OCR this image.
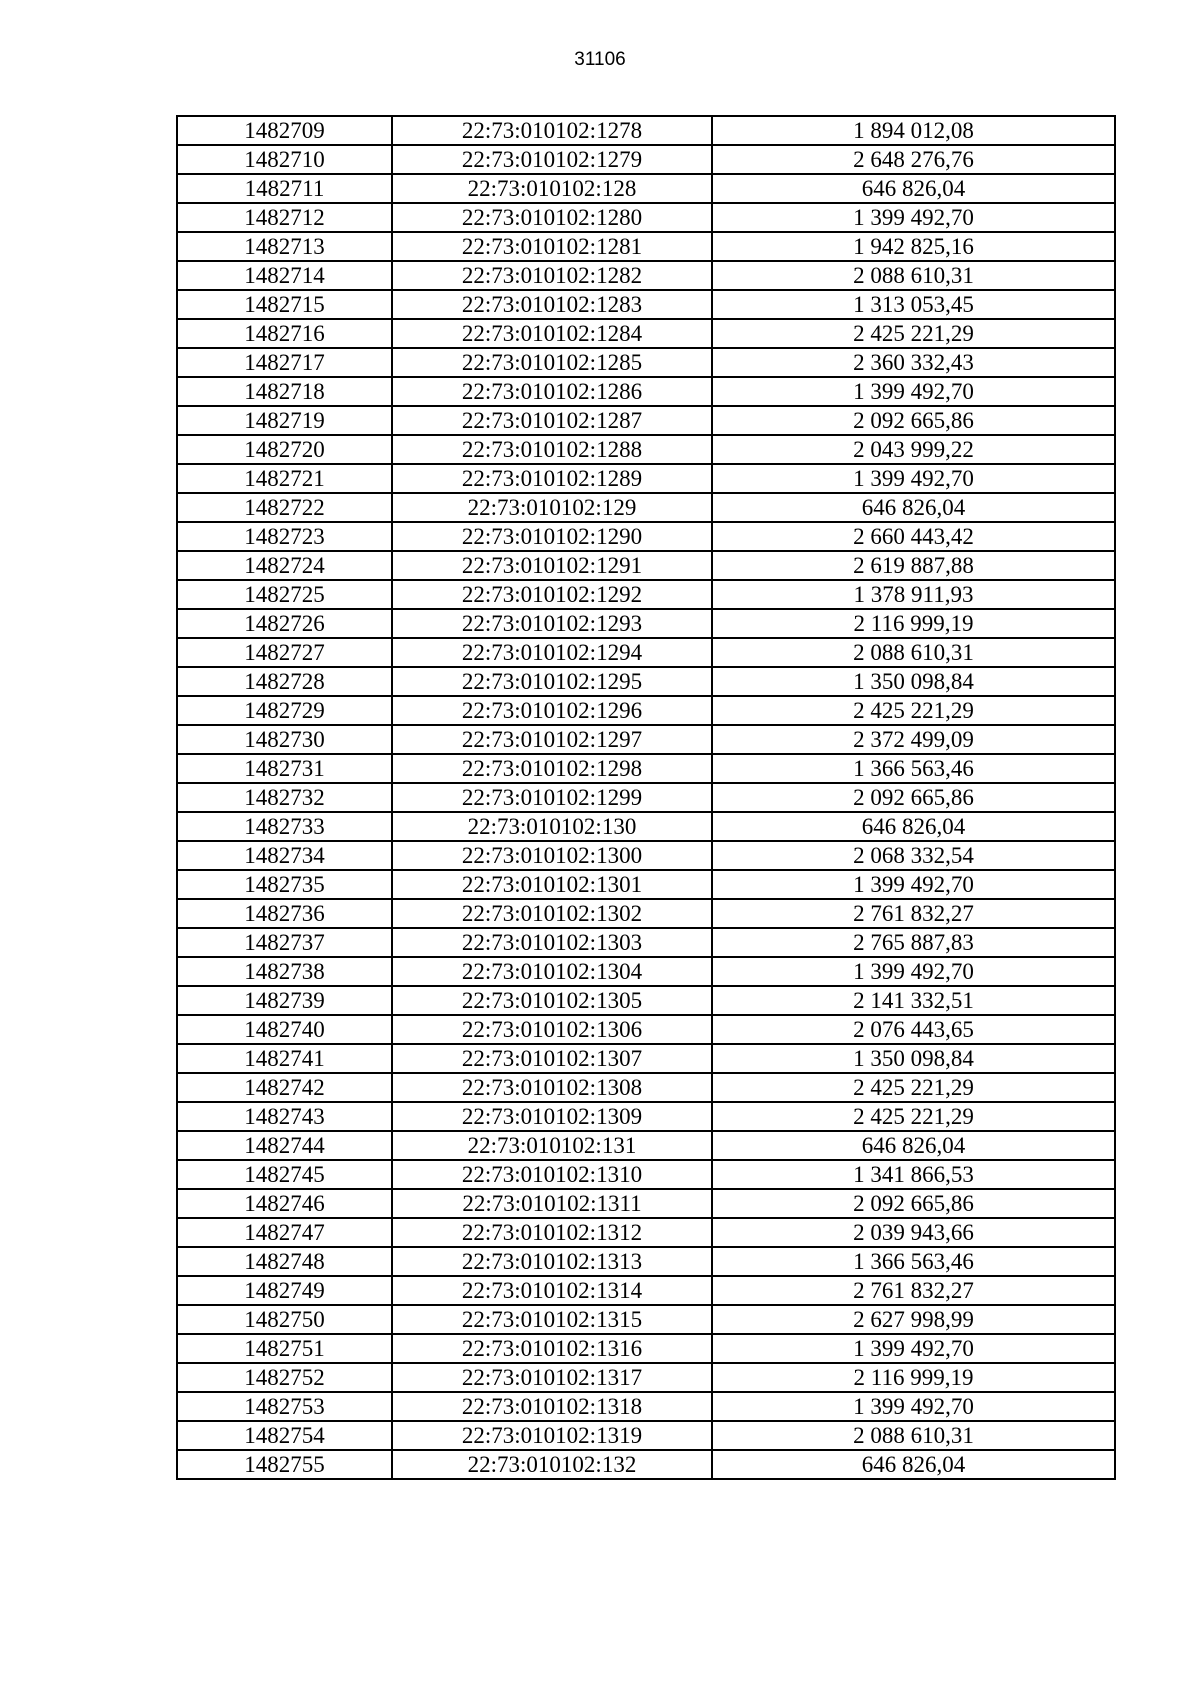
31106
1482709	22:73:010102:1278	1 894 012,08
1482710	22:73:010102:1279	2 648 276,76
1482711	22:73:010102:128	646 826,04
1482712	22:73:010102:1280	1 399 492,70
1482713	22:73:010102:1281	1 942 825,16
1482714	22:73:010102:1282	2 088 610,31
1482715	22:73:010102:1283	1 313 053,45
1482716	22:73:010102:1284	2 425 221,29
1482717	22:73:010102:1285	2 360 332,43
1482718	22:73:010102:1286	1 399 492,70
1482719	22:73:010102:1287	2 092 665,86
1482720	22:73:010102:1288	2 043 999,22
1482721	22:73:010102:1289	1 399 492,70
1482722	22:73:010102:129	646 826,04
1482723	22:73:010102:1290	2 660 443,42
1482724	22:73:010102:1291	2 619 887,88
1482725	22:73:010102:1292	1 378 911,93
1482726	22:73:010102:1293	2 116 999,19
1482727	22:73:010102:1294	2 088 610,31
1482728	22:73:010102:1295	1 350 098,84
1482729	22:73:010102:1296	2 425 221,29
1482730	22:73:010102:1297	2 372 499,09
1482731	22:73:010102:1298	1 366 563,46
1482732	22:73:010102:1299	2 092 665,86
1482733	22:73:010102:130	646 826,04
1482734	22:73:010102:1300	2 068 332,54
1482735	22:73:010102:1301	1 399 492,70
1482736	22:73:010102:1302	2 761 832,27
1482737	22:73:010102:1303	2 765 887,83
1482738	22:73:010102:1304	1 399 492,70
1482739	22:73:010102:1305	2 141 332,51
1482740	22:73:010102:1306	2 076 443,65
1482741	22:73:010102:1307	1 350 098,84
1482742	22:73:010102:1308	2 425 221,29
1482743	22:73:010102:1309	2 425 221,29
1482744	22:73:010102:131	646 826,04
1482745	22:73:010102:1310	1 341 866,53
1482746	22:73:010102:1311	2 092 665,86
1482747	22:73:010102:1312	2 039 943,66
1482748	22:73:010102:1313	1 366 563,46
1482749	22:73:010102:1314	2 761 832,27
1482750	22:73:010102:1315	2 627 998,99
1482751	22:73:010102:1316	1 399 492,70
1482752	22:73:010102:1317	2 116 999,19
1482753	22:73:010102:1318	1 399 492,70
1482754	22:73:010102:1319	2 088 610,31
1482755	22:73:010102:132	646 826,04
